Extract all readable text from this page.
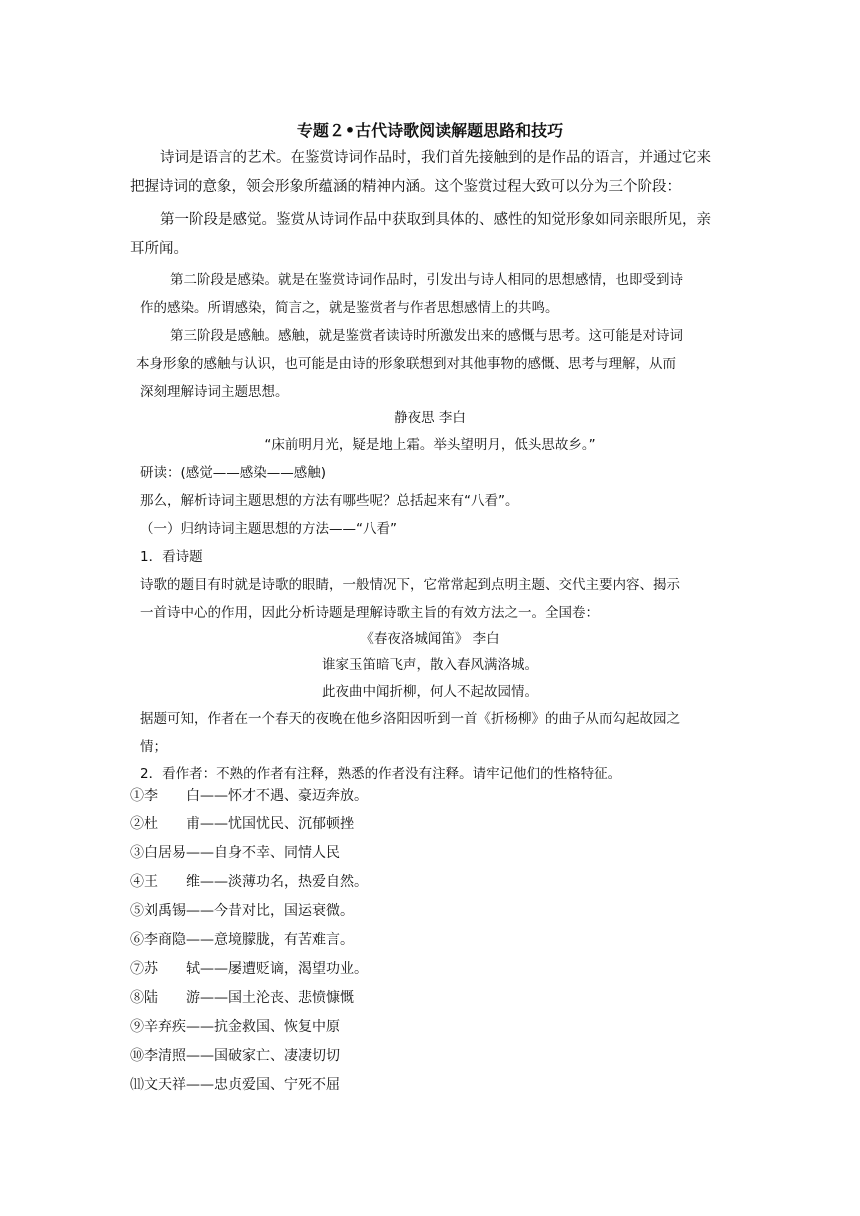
专题２•古代诗歌阅读解题思路和技巧
诗词是语言的艺术。在鉴赏诗词作品时，我们首先接触到的是作品的语言，并通过它来
把握诗词的意象，领会形象所蕴涵的精神内涵。这个鉴赏过程大致可以分为三个阶段：
第一阶段是感觉。鉴赏从诗词作品中获取到具体的、感性的知觉形象如同亲眼所见，亲
耳所闻。
第二阶段是感染。就是在鉴赏诗词作品时，引发出与诗人相同的思想感情，也即受到诗
作的感染。所谓感染，简言之，就是鉴赏者与作者思想感情上的共鸣。
第三阶段是感触。感触，就是鉴赏者读诗时所激发出来的感慨与思考。这可能是对诗词
本身形象的感触与认识，也可能是由诗的形象联想到对其他事物的感慨、思考与理解，从而
深刻理解诗词主题思想。
静夜思 李白
“床前明月光，疑是地上霜。举头望明月，低头思故乡。”
研读：(感觉——感染——感触)
那么，解析诗词主题思想的方法有哪些呢？总括起来有“八看”。
（一）归纳诗词主题思想的方法——“八看”
1．看诗题
诗歌的题目有时就是诗歌的眼睛，一般情况下，它常常起到点明主题、交代主要内容、揭示
一首诗中心的作用，因此分析诗题是理解诗歌主旨的有效方法之一。全国卷：
《春夜洛城闻笛》 李白
谁家玉笛暗飞声，散入春风满洛城。
此夜曲中闻折柳，何人不起故园情。
据题可知，作者在一个春天的夜晚在他乡洛阳因听到一首《折杨柳》的曲子从而勾起故园之
情；
2．看作者：不熟的作者有注释，熟悉的作者没有注释。请牢记他们的性格特征。
①李　　白——怀才不遇、豪迈奔放。
②杜　　甫——忧国忧民、沉郁顿挫
③白居易——自身不幸、同情人民
④王　　维——淡薄功名，热爱自然。
⑤刘禹锡——今昔对比，国运衰微。
⑥李商隐——意境朦胧，有苦难言。
⑦苏　　轼——屡遭贬谪，渴望功业。
⑧陆　　游——国土沦丧、悲愤慷慨
⑨辛弃疾——抗金救国、恢复中原
⑩李清照——国破家亡、凄凄切切
⑾文天祥——忠贞爱国、宁死不屈
